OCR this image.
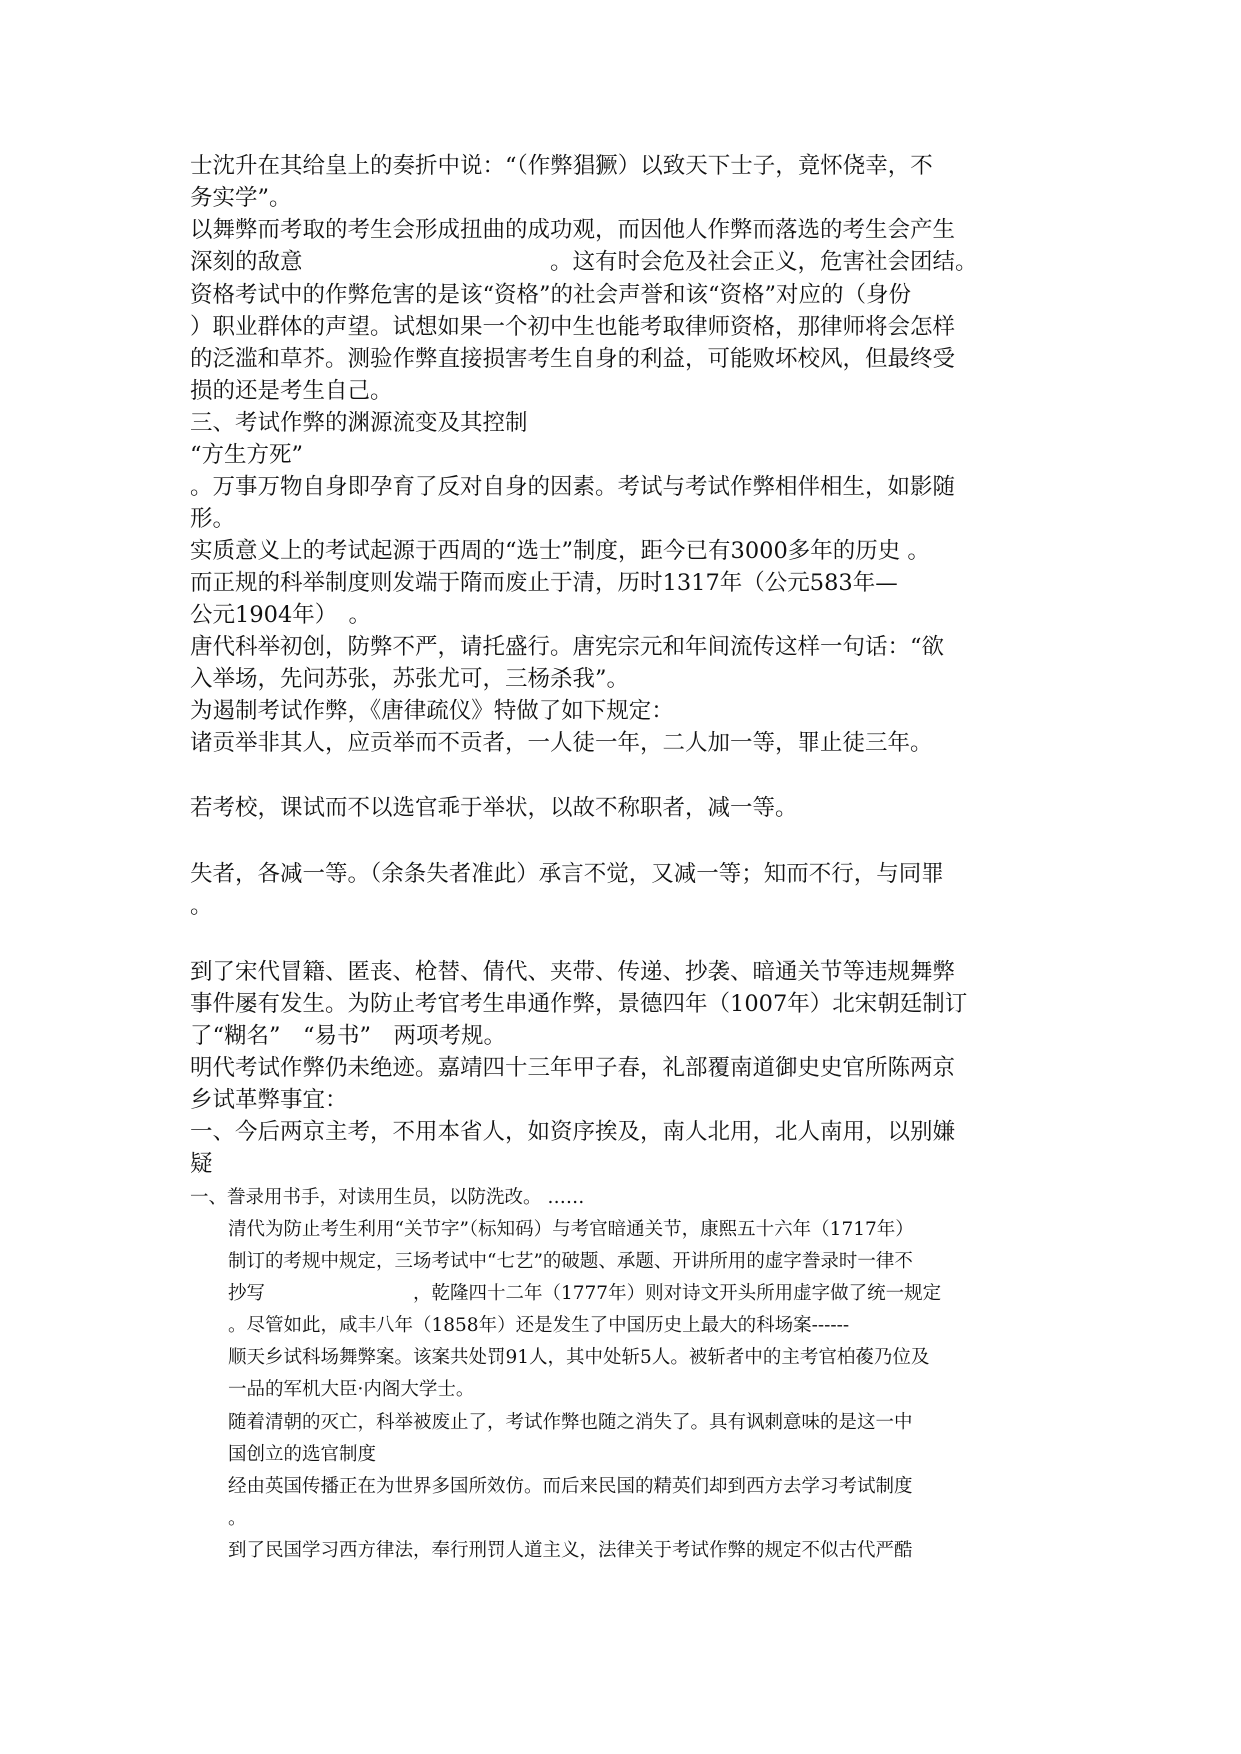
士沈升在其给皇上的奏折中说：“（作弊猖獗）以致天下士子，竟怀侥幸，不

务实学”。

以舞弊而考取的考生会形成扭曲的成功观，而因他人作弊而落选的考生会产生

深刻的敌意　　　　　　　　　　　。这有时会危及社会正义，危害社会团结。

资格考试中的作弊危害的是该“资格”的社会声誉和该“资格”对应的（身份

）职业群体的声望。试想如果一个初中生也能考取律师资格，那律师将会怎样

的泛滥和草芥。测验作弊直接损害考生自身的利益，可能败坏校风，但最终受

损的还是考生自己。

三、考试作弊的渊源流变及其控制

“方生方死”

。万事万物自身即孕育了反对自身的因素。考试与考试作弊相伴相生，如影随

形。

实质意义上的考试起源于西周的“选士”制度，距今已有3000多年的历史 。

而正规的科举制度则发端于隋而废止于清，历时1317年（公元583年—

公元1904年）　。

唐代科举初创，防弊不严，请托盛行。唐宪宗元和年间流传这样一句话：“欲

入举场，先问苏张，苏张尤可，三杨杀我”。

为遏制考试作弊，《唐律疏仪》特做了如下规定：

诸贡举非其人，应贡举而不贡者，一人徒一年，二人加一等，罪止徒三年。

若考校，课试而不以选官乖于举状，以故不称职者，减一等。

失者，各减一等。（余条失者准此）承言不觉，又减一等；知而不行，与同罪

。

到了宋代冒籍、匿丧、枪替、倩代、夹带、传递、抄袭、暗通关节等违规舞弊

事件屡有发生。为防止考官考生串通作弊，景德四年（1007年）北宋朝廷制订

了“糊名”　“易书”　两项考规。

明代考试作弊仍未绝迹。嘉靖四十三年甲子春，礼部覆南道御史史官所陈两京

乡试革弊事宜：

一、今后两京主考，不用本省人，如资序挨及，南人北用，北人南用，以别嫌

疑

一、誊录用书手，对读用生员，以防洗改。 ……

清代为防止考生利用“关节字”（标知码）与考官暗通关节，康熙五十六年（1717年）

制订的考规中规定，三场考试中“七艺”的破题、承题、开讲所用的虚字誊录时一律不

抄写　　　　　　　　，乾隆四十二年（1777年）则对诗文开头所用虚字做了统一规定

。尽管如此，咸丰八年（1858年）还是发生了中国历史上最大的科场案------

顺天乡试科场舞弊案。该案共处罚91人，其中处斩5人。被斩者中的主考官柏葰乃位及

一品的军机大臣·内阁大学士。

随着清朝的灭亡，科举被废止了，考试作弊也随之消失了。具有讽刺意味的是这一中

国创立的选官制度

经由英国传播正在为世界多国所效仿。而后来民国的精英们却到西方去学习考试制度

。

到了民国学习西方律法，奉行刑罚人道主义，法律关于考试作弊的规定不似古代严酷
